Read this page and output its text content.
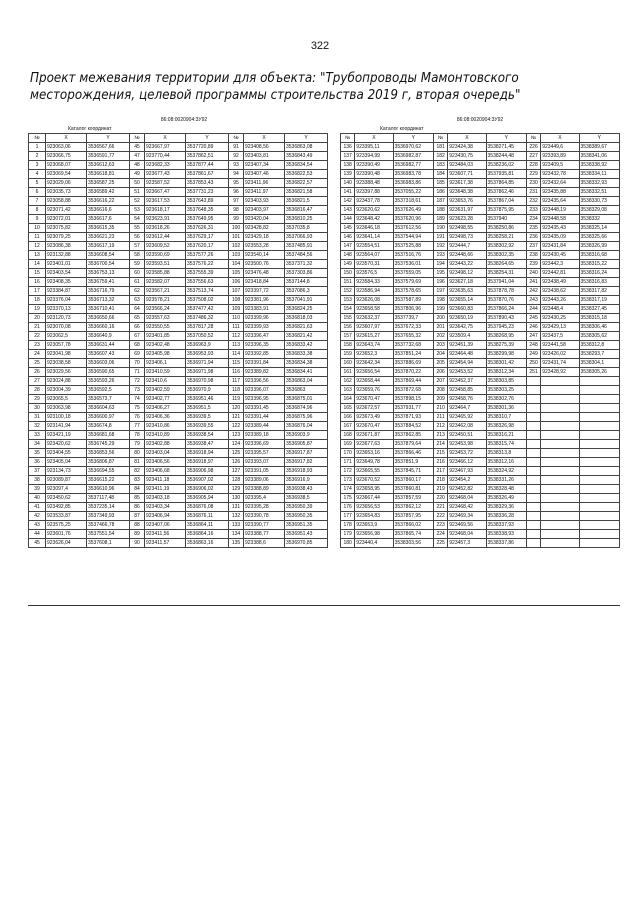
322
Проект межевания территории для объекта: "Трубопроводы Мамонтовского
месторождения, целевой программы строительства 2019 г, вторая очередь"
86:08:0020904:3У92
Каталог координат
№	X	Y	№	X	Y	№	X	Y
1	923063,06	3536567,66	45	923667,97	3537720,89	91	923408,56	3536863,08
2	923066,75	3536591,77	47	923770,44	3537862,51	92	923403,81	3536843,49
3	923068,07	3536612,63	48	923682,33	3537877,44	93	923407,34	3536834,54
4	923069,54	3536618,81	49	923677,43	3537861,67	94	923407,46	3536822,53
5	923029,06	3536587,25	50	923587,52	3537853,43	95	923411,96	3536822,57
6	923035,73	3536589,42	51	923667,47	3537731,23	96	923411,97	3536821,58
7	923058,88	3536616,22	52	923617,53	3537643,89	97	923403,93	3536821,5
8	923071,42	3536616,6	53	923618,17	3537648,35	98	923403,97	3536816,47
9	923072,01	3536617,6	54	923623,91	3537649,95	99	923420,04	3536810,25
10	923075,82	3536615,35	55	923618,26	3537626,31	100	923428,82	3537035,8
11	923079,25	3536621,23	56	923612,44	3537629,17	101	923429,18	3537066,93
12	923086,38	3536617,19	57	923609,52	3537620,17	102	923553,28	3537485,91
13	923132,88	3536608,54	58	923590,69	3537577,26	103	923540,14	3537484,56
14	923401,01	3536700,54	59	923593,51	3537576,22	104	923500,76	3537371,32
15	923403,54	3536753,13	60	923585,88	3537555,39	105	923476,48	3537303,86
16	923408,35	3536759,41	61	923582,07	3537556,63	106	923418,84	3537144,8
17	923384,87	3536716,79	62	923567,21	3537513,74	107	923397,72	3537086,3
18	923376,04	3536713,32	63	923578,21	3537508,02	108	923381,96	3537041,91
19	923370,13	3536710,41	64	923566,24	3537477,42	109	923383,91	3536824,25
20	923120,73	3536650,66	65	923557,63	3537486,32	110	923399,96	3536818,03
21	923070,08	3536660,16	66	923550,55	3537817,28	111	923399,93	3536821,63
22	923062,5	3536640,9	67	923401,85	3537050,52	112	923396,47	3536821,42
23	923057,78	3536631,44	68	923402,48	3536963,9	113	923396,35	3536833,42
24	923041,98	3536607,43	69	923405,98	3536953,93	114	923392,85	3536833,38
25	923038,58	3536603,06	70	923406,1	3536971,94	115	923391,84	3536834,38
26	923029,56	3536590,65	71	923410,59	3536971,98	116	923389,82	3536834,41
27	923024,88	3536593,26	72	923410,6	3536970,98	117	923396,56	3536863,04
28	923004,39	3536592,5	73	923402,59	3536970,9	118	923396,07	3536863
29	923065,5	3536573,7	74	923402,77	3536951,46	119	923396,95	3536875,01
30	923063,98	3536604,63	75	923406,27	3536951,5	120	923391,45	3536874,96
31	923100,18	3536600,97	76	923406,36	3536939,5	121	923391,44	3536875,96
32	923141,94	3536674,8	77	923410,86	3536939,55	122	923389,44	3536876,04
33	923421,19	3536681,68	78	923410,89	3536938,54	123	923389,18	3536903,9
34	923420,62	3536745,29	79	923402,88	3536938,47	124	923396,69	3536905,87
35	923404,55	3536853,56	80	923403,04	3536918,94	125	923395,57	3536917,87
36	923405,04	3536806,87	81	923406,56	3536918,97	126	923393,07	3536917,82
37	923134,73	3536694,55	82	923406,68	3536906,98	127	923391,05	3536918,93
38	923089,87	3536615,22	83	923411,18	3536907,02	128	923389,06	3536916,9
39	923097,4	3536610,96	84	923411,19	3536906,02	129	923388,89	3536938,43
40	923450,62	3537117,48	85	923403,18	3536905,94	130	923395,4	3536938,5
41	923492,85	3537235,14	86	923403,34	3536876,08	131	923395,28	3536950,39
42	923533,87	3537349,93	87	923406,94	3536876,11	132	923390,78	3536950,35
43	923575,25	3537466,78	88	923407,06	3536864,11	133	923390,77	3536951,35
44	923601,76	3537551,54	89	923411,56	3536864,16	134	923388,77	3536951,43
45	923626,04	3537608,1	90	923411,57	3536863,16	135	923388,6	3536970,85
86:08:0020904:3У92
Каталог координат
№	X	Y	№	X	Y	№	X	Y
136	923395,11	3536970,62	181	923424,38	3538271,45	226	923449,6	3538389,67
137	923394,99	3536982,87	182	923430,75	3538244,48	227	923393,89	3538341,06
138	923390,49	3536982,77	183	923484,03	3538236,02	228	923409,5	3538338,92
139	923390,48	3536983,78	184	923607,71	3537935,81	229	923432,78	3538334,11
140	923388,48	3536983,86	185	923617,38	3537864,85	230	923432,64	3538332,93
141	923397,88	3537055,22	186	923648,38	3537862,46	231	923435,88	3538332,51
142	923437,78	3537318,61	187	923653,76	3537867,04	232	923435,64	3538330,73
143	923620,62	3537626,49	188	923631,97	3537875,95	233	923448,19	3538329,08
144	923648,42	3537620,96	189	923623,28	3537940	234	923448,58	3538332
145	923646,18	3537612,56	190	923498,55	3538250,86	235	923435,43	3538325,14
146	923641,14	3537544,94	191	923498,73	3538258,21	236	923435,09	3538325,66
147	923554,51	3537525,88	192	923444,7	3538302,92	237	923431,84	3538326,99
148	923564,07	3537516,76	193	923448,66	3538302,35	238	923430,45	3538316,68
149	923570,31	3537536,01	194	923443,22	3538264,65	239	923442,3	3538315,22
150	923576,5	3537559,05	195	923498,12	3538254,31	240	923442,81	3538316,24
151	923584,33	3537579,69	196	923627,18	3537941,04	241	923438,49	3538316,83
152	923586,94	3537578,65	197	923635,63	3537878,78	242	923438,62	3538317,82
153	923626,08	3537587,89	198	923655,14	3537870,76	243	923443,26	3538317,19
154	923658,58	3537806,96	199	923660,83	3537866,24	244	923448,4	3538327,45
155	923632,37	3537739,7	200	923650,19	3537890,43	245	923430,25	3538315,18
156	923607,97	3537672,33	201	923642,75	3537945,23	246	923429,13	3538306,46
157	923615,27	3537655,32	202	923509,4	3538268,95	247	923437,5	3538305,62
158	923643,74	3537732,68	203	923451,39	3538275,39	248	923441,58	3538312,8
159	923652,3	3537851,24	204	923464,48	3538299,98	249	923426,02	3538293,7
160	923642,34	3537886,69	205	923454,94	3538301,42	250	923431,74	3538304,1
161	923656,54	3537870,22	206	923453,52	3538312,34	251	923428,92	3538305,26
162	923658,44	3537869,44	207	923452,37	3538303,85			
163	923659,76	3537872,68	208	923458,85	3538303,25			
164	923670,47	3537898,15	209	923458,76	3538302,76			
165	923672,57	3537931,77	210	923464,7	3538301,36			
166	923673,49	3537871,93	211	923465,92	3538310,7			
167	923670,47	3537884,52	212	923462,08	3538326,98			
168	923671,87	3537862,85	213	923450,51	3538316,21			
169	923677,63	3537879,64	214	923453,98	3538315,74			
170	923653,16	3537866,46	215	923453,72	3538313,8			
171	923649,78	3537851,9	216	923466,12	3538312,16			
172	923665,55	3537845,71	217	923467,93	3538324,92			
173	923670,52	3537860,17	218	923454,2	3538331,26			
174	923658,95	3537860,81	219	923452,82	3538328,48			
175	923667,44	3537857,59	220	923468,04	3538326,49			
176	923656,53	3537862,12	221	923468,42	3538329,36			
177	923654,83	3537857,95	222	923469,34	3538336,28			
178	923653,9	3537866,02	223	923469,56	3538337,93			
179	923656,98	3537865,74	224	923468,04	3538338,93			
180	923440,4	3538303,56	225	923457,3	3538337,86			
